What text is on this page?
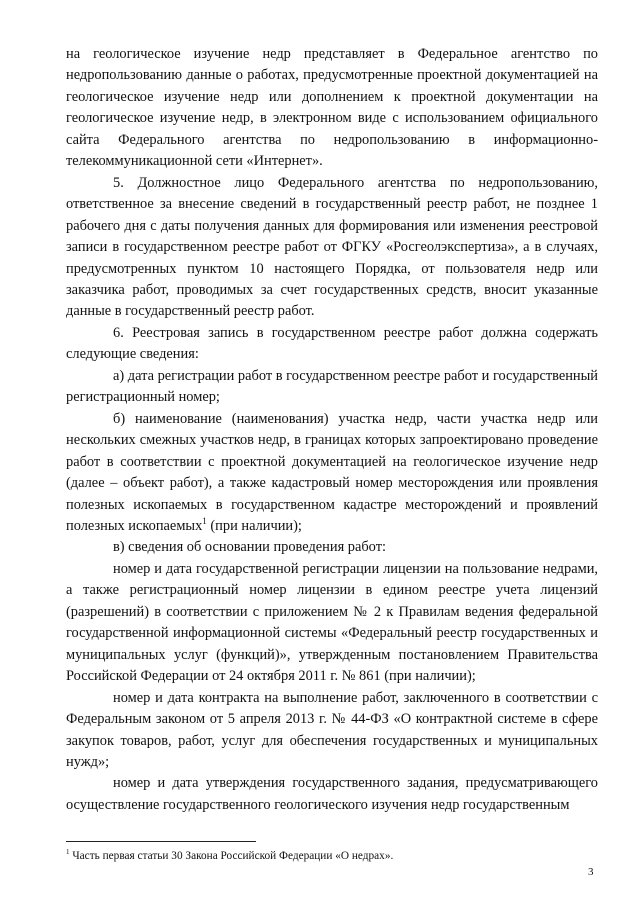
на геологическое изучение недр представляет в Федеральное агентство по недропользованию данные о работах, предусмотренные проектной документацией на геологическое изучение недр или дополнением к проектной документации на геологическое изучение недр, в электронном виде с использованием официального сайта Федерального агентства по недропользованию в информационно-телекоммуникационной сети «Интернет».

5. Должностное лицо Федерального агентства по недропользованию, ответственное за внесение сведений в государственный реестр работ, не позднее 1 рабочего дня с даты получения данных для формирования или изменения реестровой записи в государственном реестре работ от ФГКУ «Росгеолэкспертиза», а в случаях, предусмотренных пунктом 10 настоящего Порядка, от пользователя недр или заказчика работ, проводимых за счет государственных средств, вносит указанные данные в государственный реестр работ.

6. Реестровая запись в государственном реестре работ должна содержать следующие сведения:

а) дата регистрации работ в государственном реестре работ и государственный регистрационный номер;

б) наименование (наименования) участка недр, части участка недр или нескольких смежных участков недр, в границах которых запроектировано проведение работ в соответствии с проектной документацией на геологическое изучение недр (далее – объект работ), а также кадастровый номер месторождения или проявления полезных ископаемых в государственном кадастре месторождений и проявлений полезных ископаемых$^1$ (при наличии);

в) сведения об основании проведения работ:

номер и дата государственной регистрации лицензии на пользование недрами, а также регистрационный номер лицензии в едином реестре учета лицензий (разрешений) в соответствии с приложением № 2 к Правилам ведения федеральной государственной информационной системы «Федеральный реестр государственных и муниципальных услуг (функций)», утвержденным постановлением Правительства Российской Федерации от 24 октября 2011 г. № 861 (при наличии);

номер и дата контракта на выполнение работ, заключенного в соответствии с Федеральным законом от 5 апреля 2013 г. № 44-ФЗ «О контрактной системе в сфере закупок товаров, работ, услуг для обеспечения государственных и муниципальных нужд»;

номер и дата утверждения государственного задания, предусматривающего осуществление государственного геологического изучения недр государственным

$^1$ Часть первая статьи 30 Закона Российской Федерации «О недрах».
3
